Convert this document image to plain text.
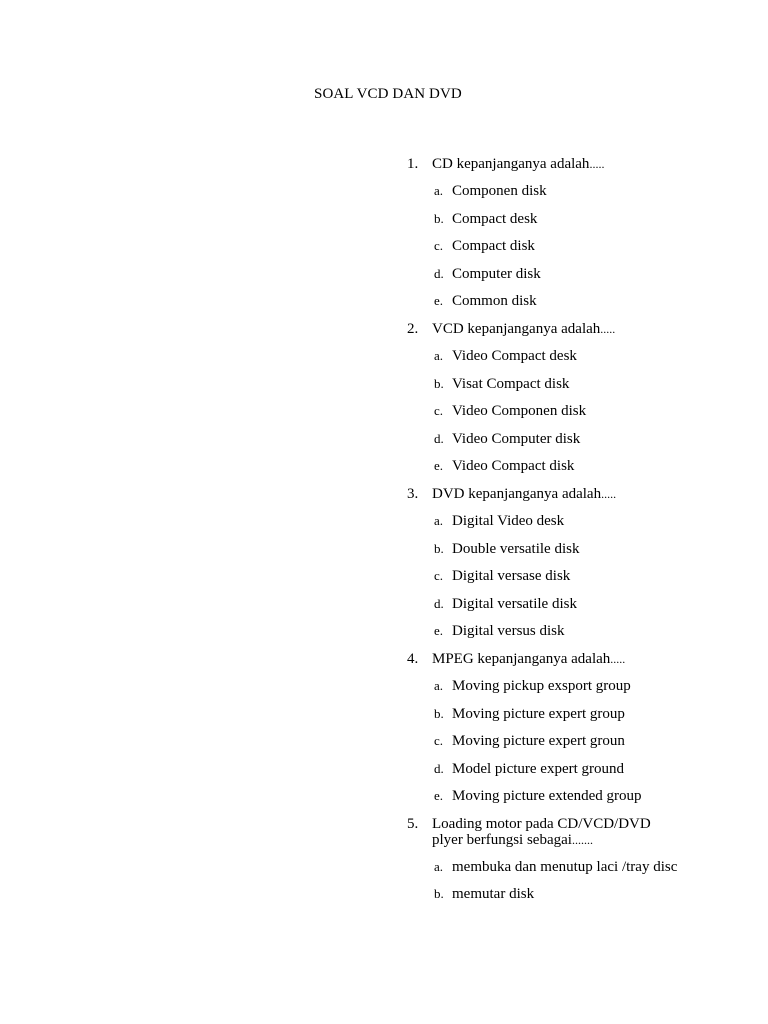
SOAL VCD DAN DVD
1. CD kepanjanganya adalah.....
a. Componen disk
b. Compact desk
c. Compact disk
d. Computer disk
e. Common disk
2. VCD kepanjanganya adalah.....
a. Video Compact desk
b. Visat Compact disk
c. Video Componen disk
d. Video Computer disk
e. Video Compact disk
3. DVD kepanjanganya adalah.....
a. Digital Video desk
b. Double versatile disk
c. Digital versase disk
d. Digital versatile disk
e. Digital versus disk
4. MPEG kepanjanganya adalah.....
a. Moving pickup exsport group
b. Moving picture expert group
c. Moving picture expert groun
d. Model picture expert ground
e. Moving picture extended group
5. Loading motor pada CD/VCD/DVD plyer berfungsi sebagai.......
a. membuka dan menutup laci /tray disc
b. memutar disk
